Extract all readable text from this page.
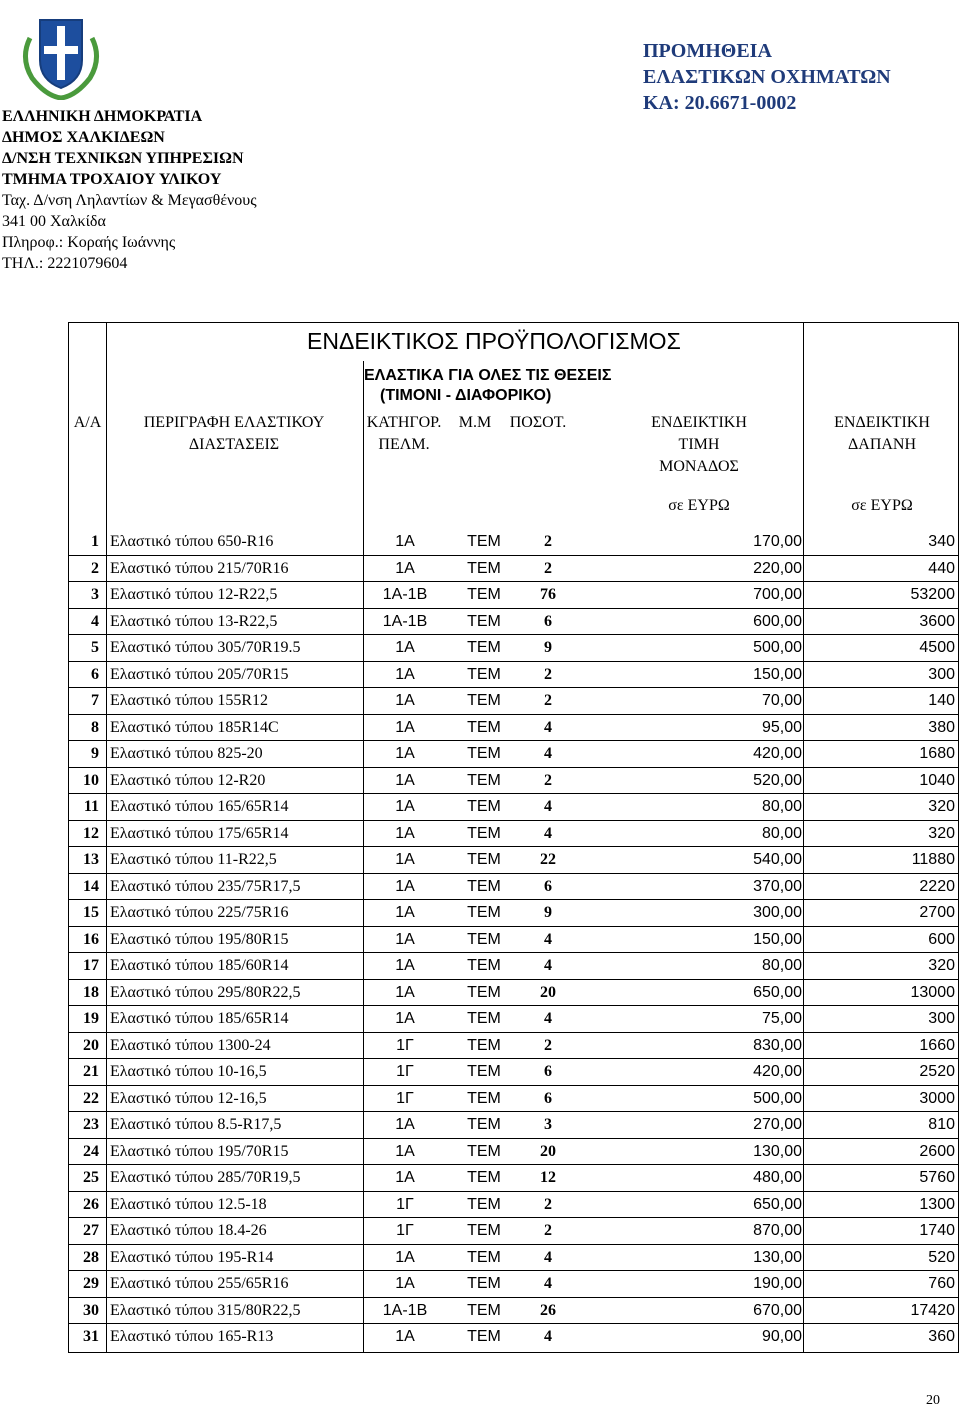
ΕΛΛΗΝΙΚΗ ΔΗΜΟΚΡΑΤΙΑ
ΔΗΜΟΣ ΧΑΛΚΙΔΕΩΝ
Δ/ΝΣΗ ΤΕΧΝΙΚΩΝ ΥΠΗΡΕΣΙΩΝ
ΤΜΗΜΑ ΤΡΟΧΑΙΟΥ ΥΛΙΚΟΥ
Ταχ. Δ/νση Ληλαντίων & Μεγασθένους
341 00 Χαλκίδα
Πληροφ.: Κοραής Ιωάννης
ΤΗΛ.: 2221079604
ΠΡΟΜΗΘΕΙΑ
ΕΛΑΣΤΙΚΩΝ ΟΧΗΜΑΤΩΝ
ΚΑ: 20.6671-0002
ΕΝΔΕΙΚΤΙΚΟΣ ΠΡΟΫΠΟΛΟΓΙΣΜΟΣ
ΕΛΑΣΤΙΚΑ ΓΙΑ ΟΛΕΣ ΤΙΣ ΘΕΣΕΙΣ
(ΤΙΜΟΝΙ - ΔΙΑΦΟΡΙΚΟ)
Α/Α	ΠΕΡΙΓΡΑΦΗ ΕΛΑΣΤΙΚΟΥ
ΔΙΑΣΤΑΣΕΙΣ
ΚΑΤΗΓΟΡ.
ΠΕΛΜ.
Μ.Μ	ΠΟΣΟΤ.	ΕΝΔΕΙΚΤΙΚΗ
ΤΙΜΗ
ΜΟΝΑΔΟΣ
σε ΕΥΡΩ
ΕΝΔΕΙΚΤΙΚΗ
ΔΑΠΑΝΗ
σε ΕΥΡΩ
1 Ελαστικό τύπου 650-R16	1Α	ΤΕΜ	2	170,00	340
2 Ελαστικό τύπου 215/70R16	1Α	ΤΕΜ	2	220,00	440
3 Ελαστικό τύπου 12-R22,5	1Α-1Β	ΤΕΜ	76	700,00	53200
4 Ελαστικό τύπου 13-R22,5	1Α-1Β	ΤΕΜ	6	600,00	3600
5 Ελαστικό τύπου 305/70R19.5	1Α	ΤΕΜ	9	500,00	4500
6 Ελαστικό τύπου 205/70R15	1Α	ΤΕΜ	2	150,00	300
7 Ελαστικό τύπου 155R12	1Α	ΤΕΜ	2	70,00	140
8 Ελαστικό τύπου 185R14C	1Α	ΤΕΜ	4	95,00	380
9 Ελαστικό τύπου 825-20	1Α	ΤΕΜ	4	420,00	1680
10 Ελαστικό τύπου 12-R20	1Α	ΤΕΜ	2	520,00	1040
11 Ελαστικό τύπου 165/65R14	1Α	ΤΕΜ	4	80,00	320
12 Ελαστικό τύπου 175/65R14	1Α	ΤΕΜ	4	80,00	320
13 Ελαστικό τύπου 11-R22,5	1Α	ΤΕΜ	22	540,00	11880
14 Ελαστικό τύπου 235/75R17,5	1Α	ΤΕΜ	6	370,00	2220
15 Ελαστικό τύπου 225/75R16	1Α	ΤΕΜ	9	300,00	2700
16 Ελαστικό τύπου 195/80R15	1Α	ΤΕΜ	4	150,00	600
17 Ελαστικό τύπου 185/60R14	1Α	ΤΕΜ	4	80,00	320
18 Ελαστικό τύπου 295/80R22,5	1Α	ΤΕΜ	20	650,00	13000
19 Ελαστικό τύπου 185/65R14	1Α	ΤΕΜ	4	75,00	300
20 Ελαστικό τύπου 1300-24	1Γ	ΤΕΜ	2	830,00	1660
21 Ελαστικό τύπου 10-16,5	1Γ	ΤΕΜ	6	420,00	2520
22 Ελαστικό τύπου 12-16,5	1Γ	ΤΕΜ	6	500,00	3000
23 Ελαστικό τύπου 8.5-R17,5	1Α	ΤΕΜ	3	270,00	810
24 Ελαστικό τύπου 195/70R15	1Α	ΤΕΜ	20	130,00	2600
25 Ελαστικό τύπου 285/70R19,5	1Α	ΤΕΜ	12	480,00	5760
26 Ελαστικό τύπου 12.5-18	1Γ	ΤΕΜ	2	650,00	1300
27 Ελαστικό τύπου 18.4-26	1Γ	ΤΕΜ	2	870,00	1740
28 Ελαστικό τύπου 195-R14	1Α	ΤΕΜ	4	130,00	520
29 Ελαστικό τύπου 255/65R16	1Α	ΤΕΜ	4	190,00	760
30 Ελαστικό τύπου 315/80R22,5	1Α-1Β	ΤΕΜ	26	670,00	17420
31 Ελαστικό τύπου 165-R13	1Α	ΤΕΜ	4	90,00	360
20
